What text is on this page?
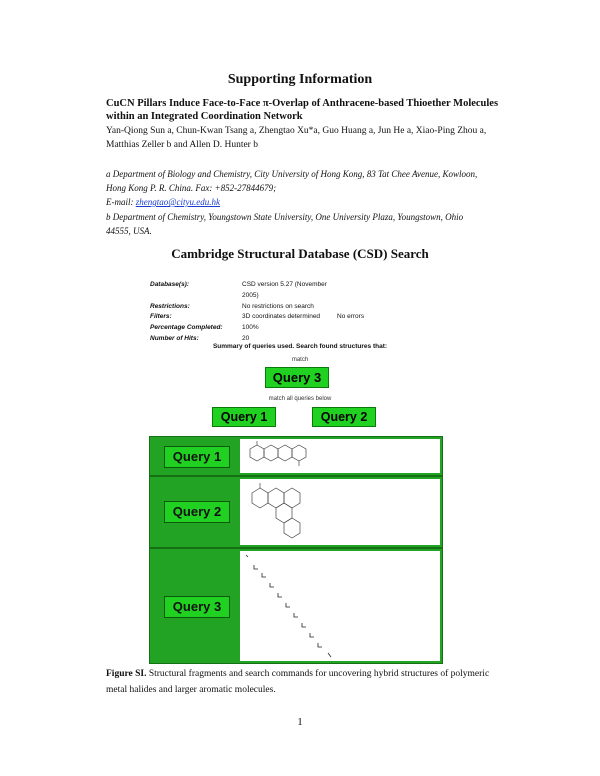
Supporting Information
CuCN Pillars Induce Face-to-Face π-Overlap of Anthracene-based Thioether Molecules within an Integrated Coordination Network
Yan-Qiong Sun a, Chun-Kwan Tsang a, Zhengtao Xu*a, Guo Huang a, Jun He a, Xiao-Ping Zhou a, Matthias Zeller b and Allen D. Hunter b
a Department of Biology and Chemistry, City University of Hong Kong, 83 Tat Chee Avenue, Kowloon, Hong Kong P. R. China. Fax: +852-27844679;
E-mail: zhengtao@cityu.edu.hk
b Department of Chemistry, Youngstown State University, One University Plaza, Youngstown, Ohio 44555, USA.
Cambridge Structural Database (CSD) Search
Database(s):	CSD version 5.27 (November 2005)
Restrictions:	No restrictions on search
Filters:	3D coordinates determined	No errors
Percentage Completed:	100%
Number of Hits:	20
Summary of queries used. Search found structures that:
match
Query 3
match all queries below
Query 1	Query 2
Query 1
Query 2
Query 3
Figure SI. Structural fragments and search commands for uncovering hybrid structures of polymeric metal halides and larger aromatic molecules.
1
